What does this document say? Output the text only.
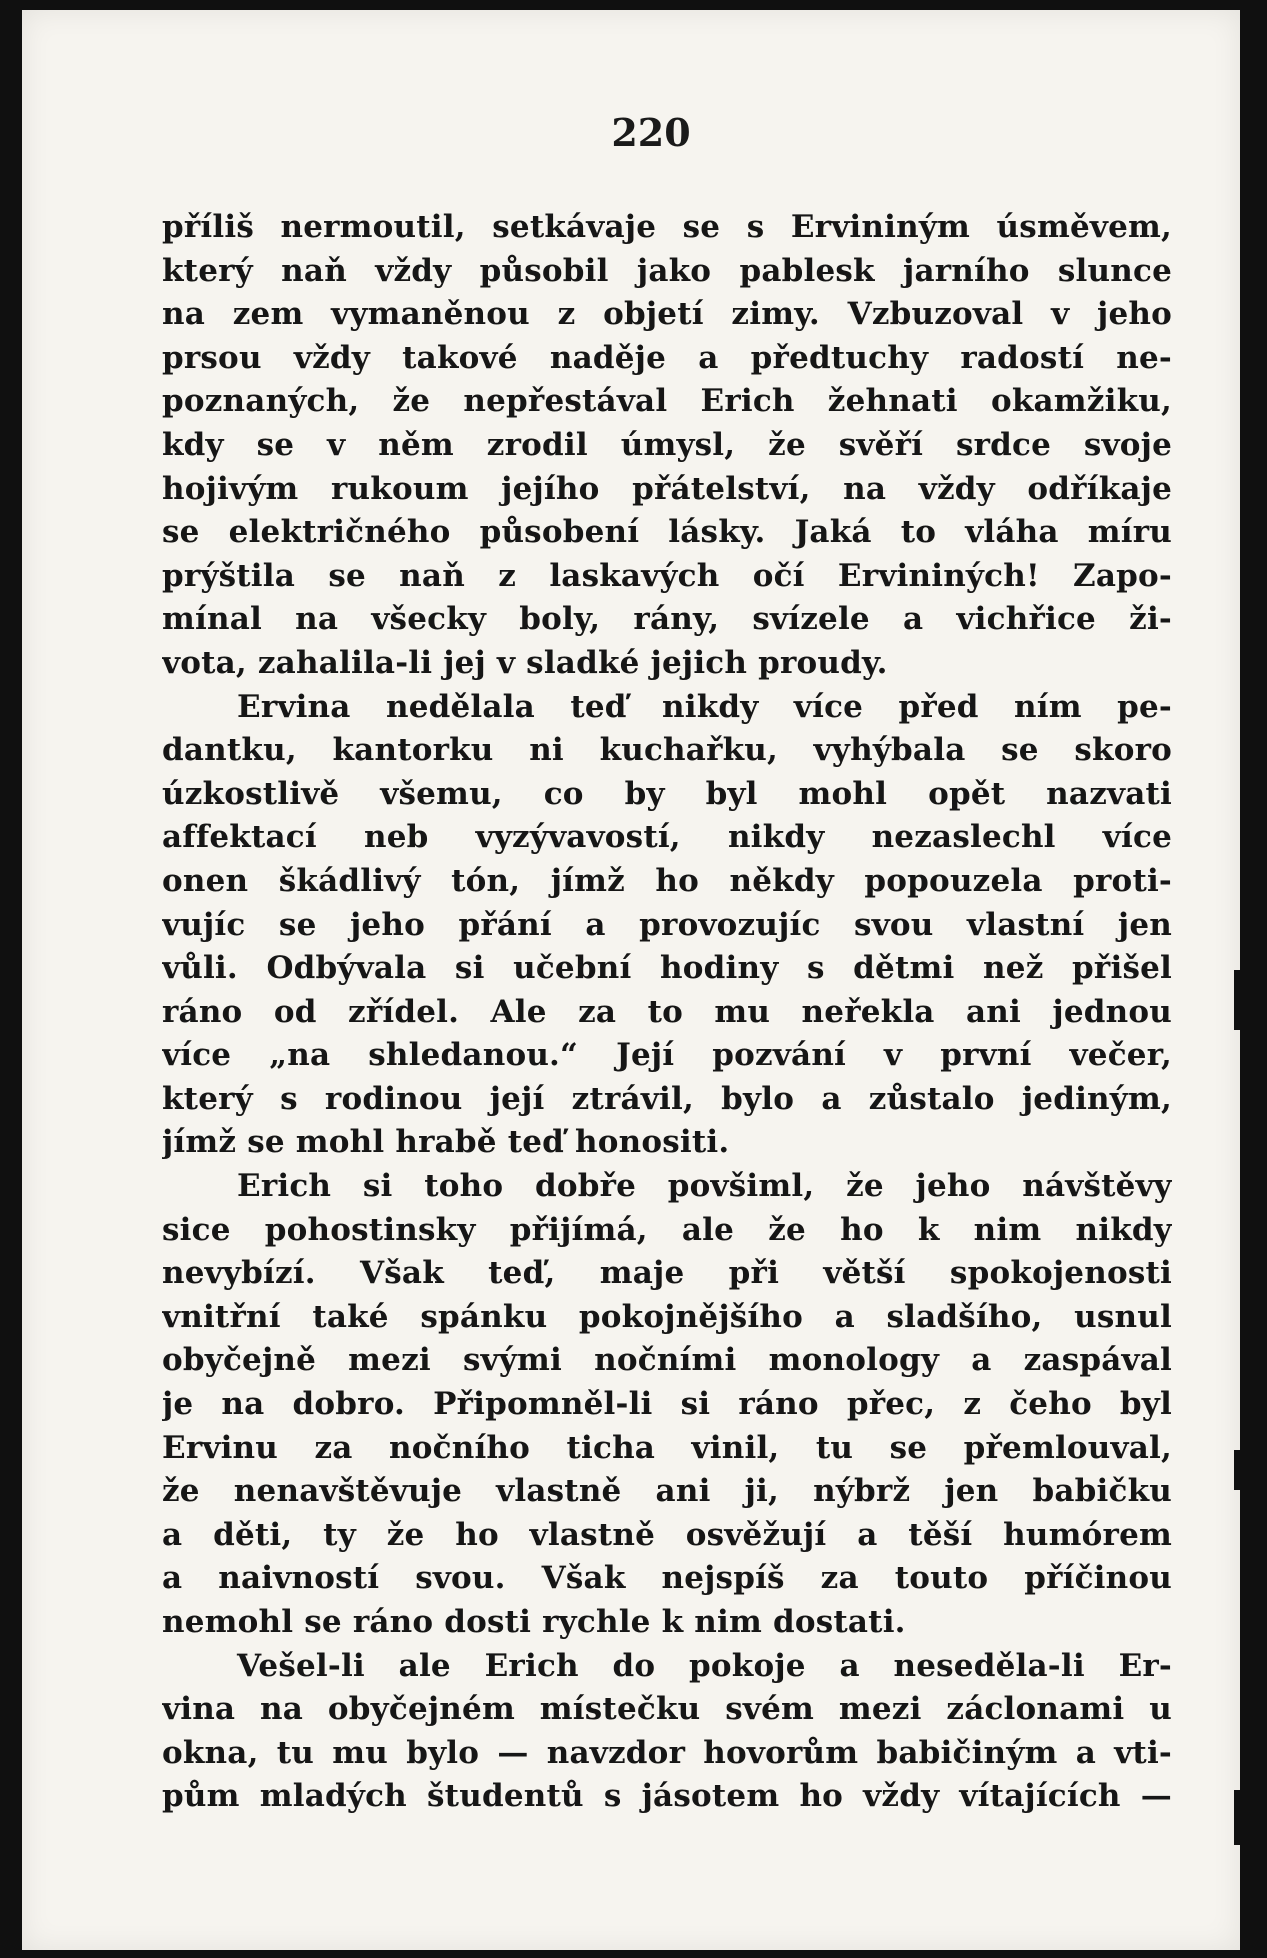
220
příliš nermoutil, setkávaje se s Ervininým úsměvem,
který naň vždy působil jako pablesk jarního slunce
na zem vymaněnou z objetí zimy. Vzbuzoval v jeho
prsou vždy takové naděje a předtuchy radostí ne-
poznaných, že nepřestával Erich žehnati okamžiku,
kdy se v něm zrodil úmysl, že svěří srdce svoje
hojivým rukoum jejího přátelství, na vždy odříkaje
se električného působení lásky. Jaká to vláha míru
prýštila se naň z laskavých očí Ervininých! Zapo-
mínal na všecky boly, rány, svízele a vichřice ži-
vota, zahalila-li jej v sladké jejich proudy.
Ervina nedělala teď nikdy více před ním pe-
dantku, kantorku ni kuchařku, vyhýbala se skoro
úzkostlivě všemu, co by byl mohl opět nazvati
affektací neb vyzývavostí, nikdy nezaslechl více
onen škádlivý tón, jímž ho někdy popouzela proti-
vujíc se jeho přání a provozujíc svou vlastní jen
vůli. Odbývala si učební hodiny s dětmi než přišel
ráno od zřídel. Ale za to mu neřekla ani jednou
více „na shledanou.“ Její pozvání v první večer,
který s rodinou její ztrávil, bylo a zůstalo jediným,
jímž se mohl hrabě teď honositi.
Erich si toho dobře povšiml, že jeho návštěvy
sice pohostinsky přijímá, ale že ho k nim nikdy
nevybízí. Však teď, maje při větší spokojenosti
vnitřní také spánku pokojnějšího a sladšího, usnul
obyčejně mezi svými nočními monology a zaspával
je na dobro. Připomněl-li si ráno přec, z čeho byl
Ervinu za nočního ticha vinil, tu se přemlouval,
že nenavštěvuje vlastně ani ji, nýbrž jen babičku
a děti, ty že ho vlastně osvěžují a těší humórem
a naivností svou. Však nejspíš za touto příčinou
nemohl se ráno dosti rychle k nim dostati.
Vešel-li ale Erich do pokoje a neseděla-li Er-
vina na obyčejném místečku svém mezi záclonami u
okna, tu mu bylo — navzdor hovorům babičiným a vti-
pům mladých študentů s jásotem ho vždy vítajících —
